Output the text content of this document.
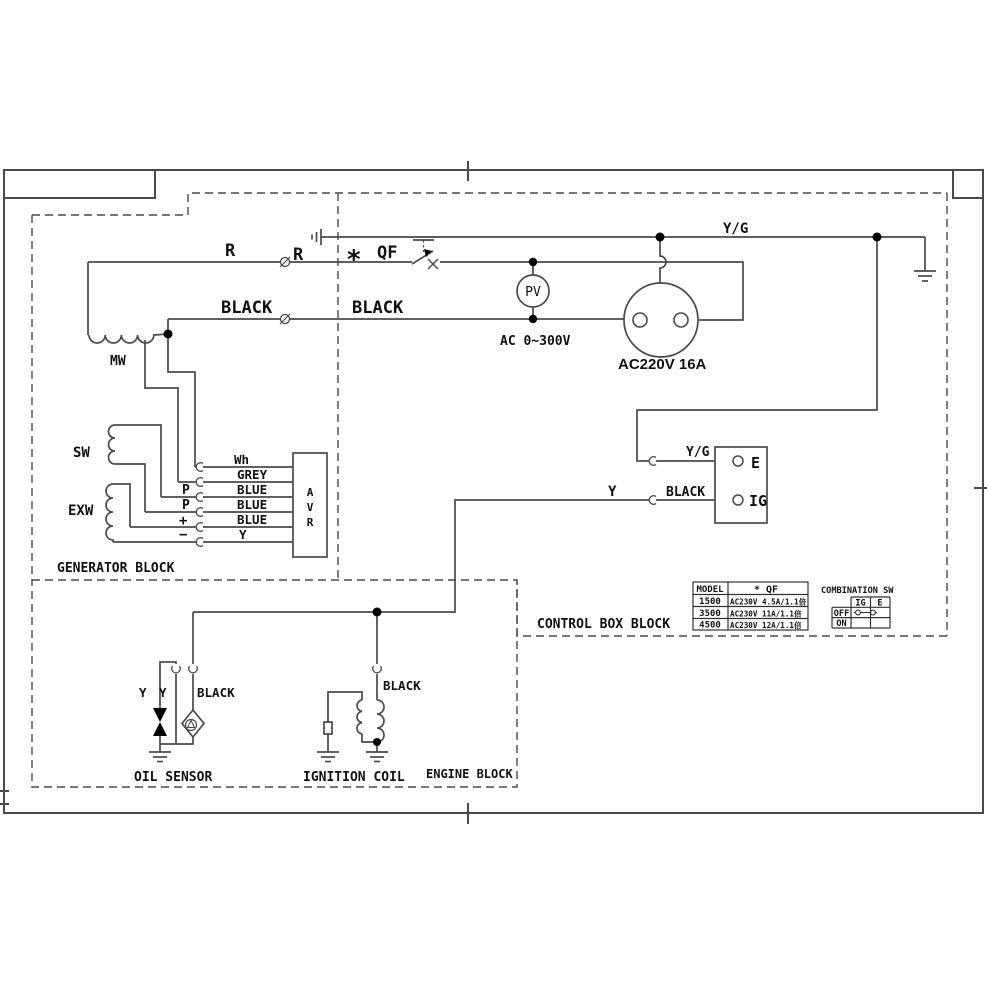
R	R * QF
BLACK	BLACK
Y/G
PV
AC 0~300V
AC220V 16A
MW
SW
EXW
Wh
GREY
BLUE
BLUE
BLUE
Y
P
P
+
−
A
V
R
GENERATOR BLOCK
Y/G
Y	BLACK
E
IG
CONTROL BOX BLOCK
MODEL	* QF
1500 AC230V 4.5A/1.1倍
3500 AC230V 11A/1.1倍
4500 AC230V 12A/1.1倍
COMBINATION SW
IG E
OFF
ON
Y Y BLACK	BLACK
OIL SENSOR	IGNITION COIL ENGINE BLOCK
